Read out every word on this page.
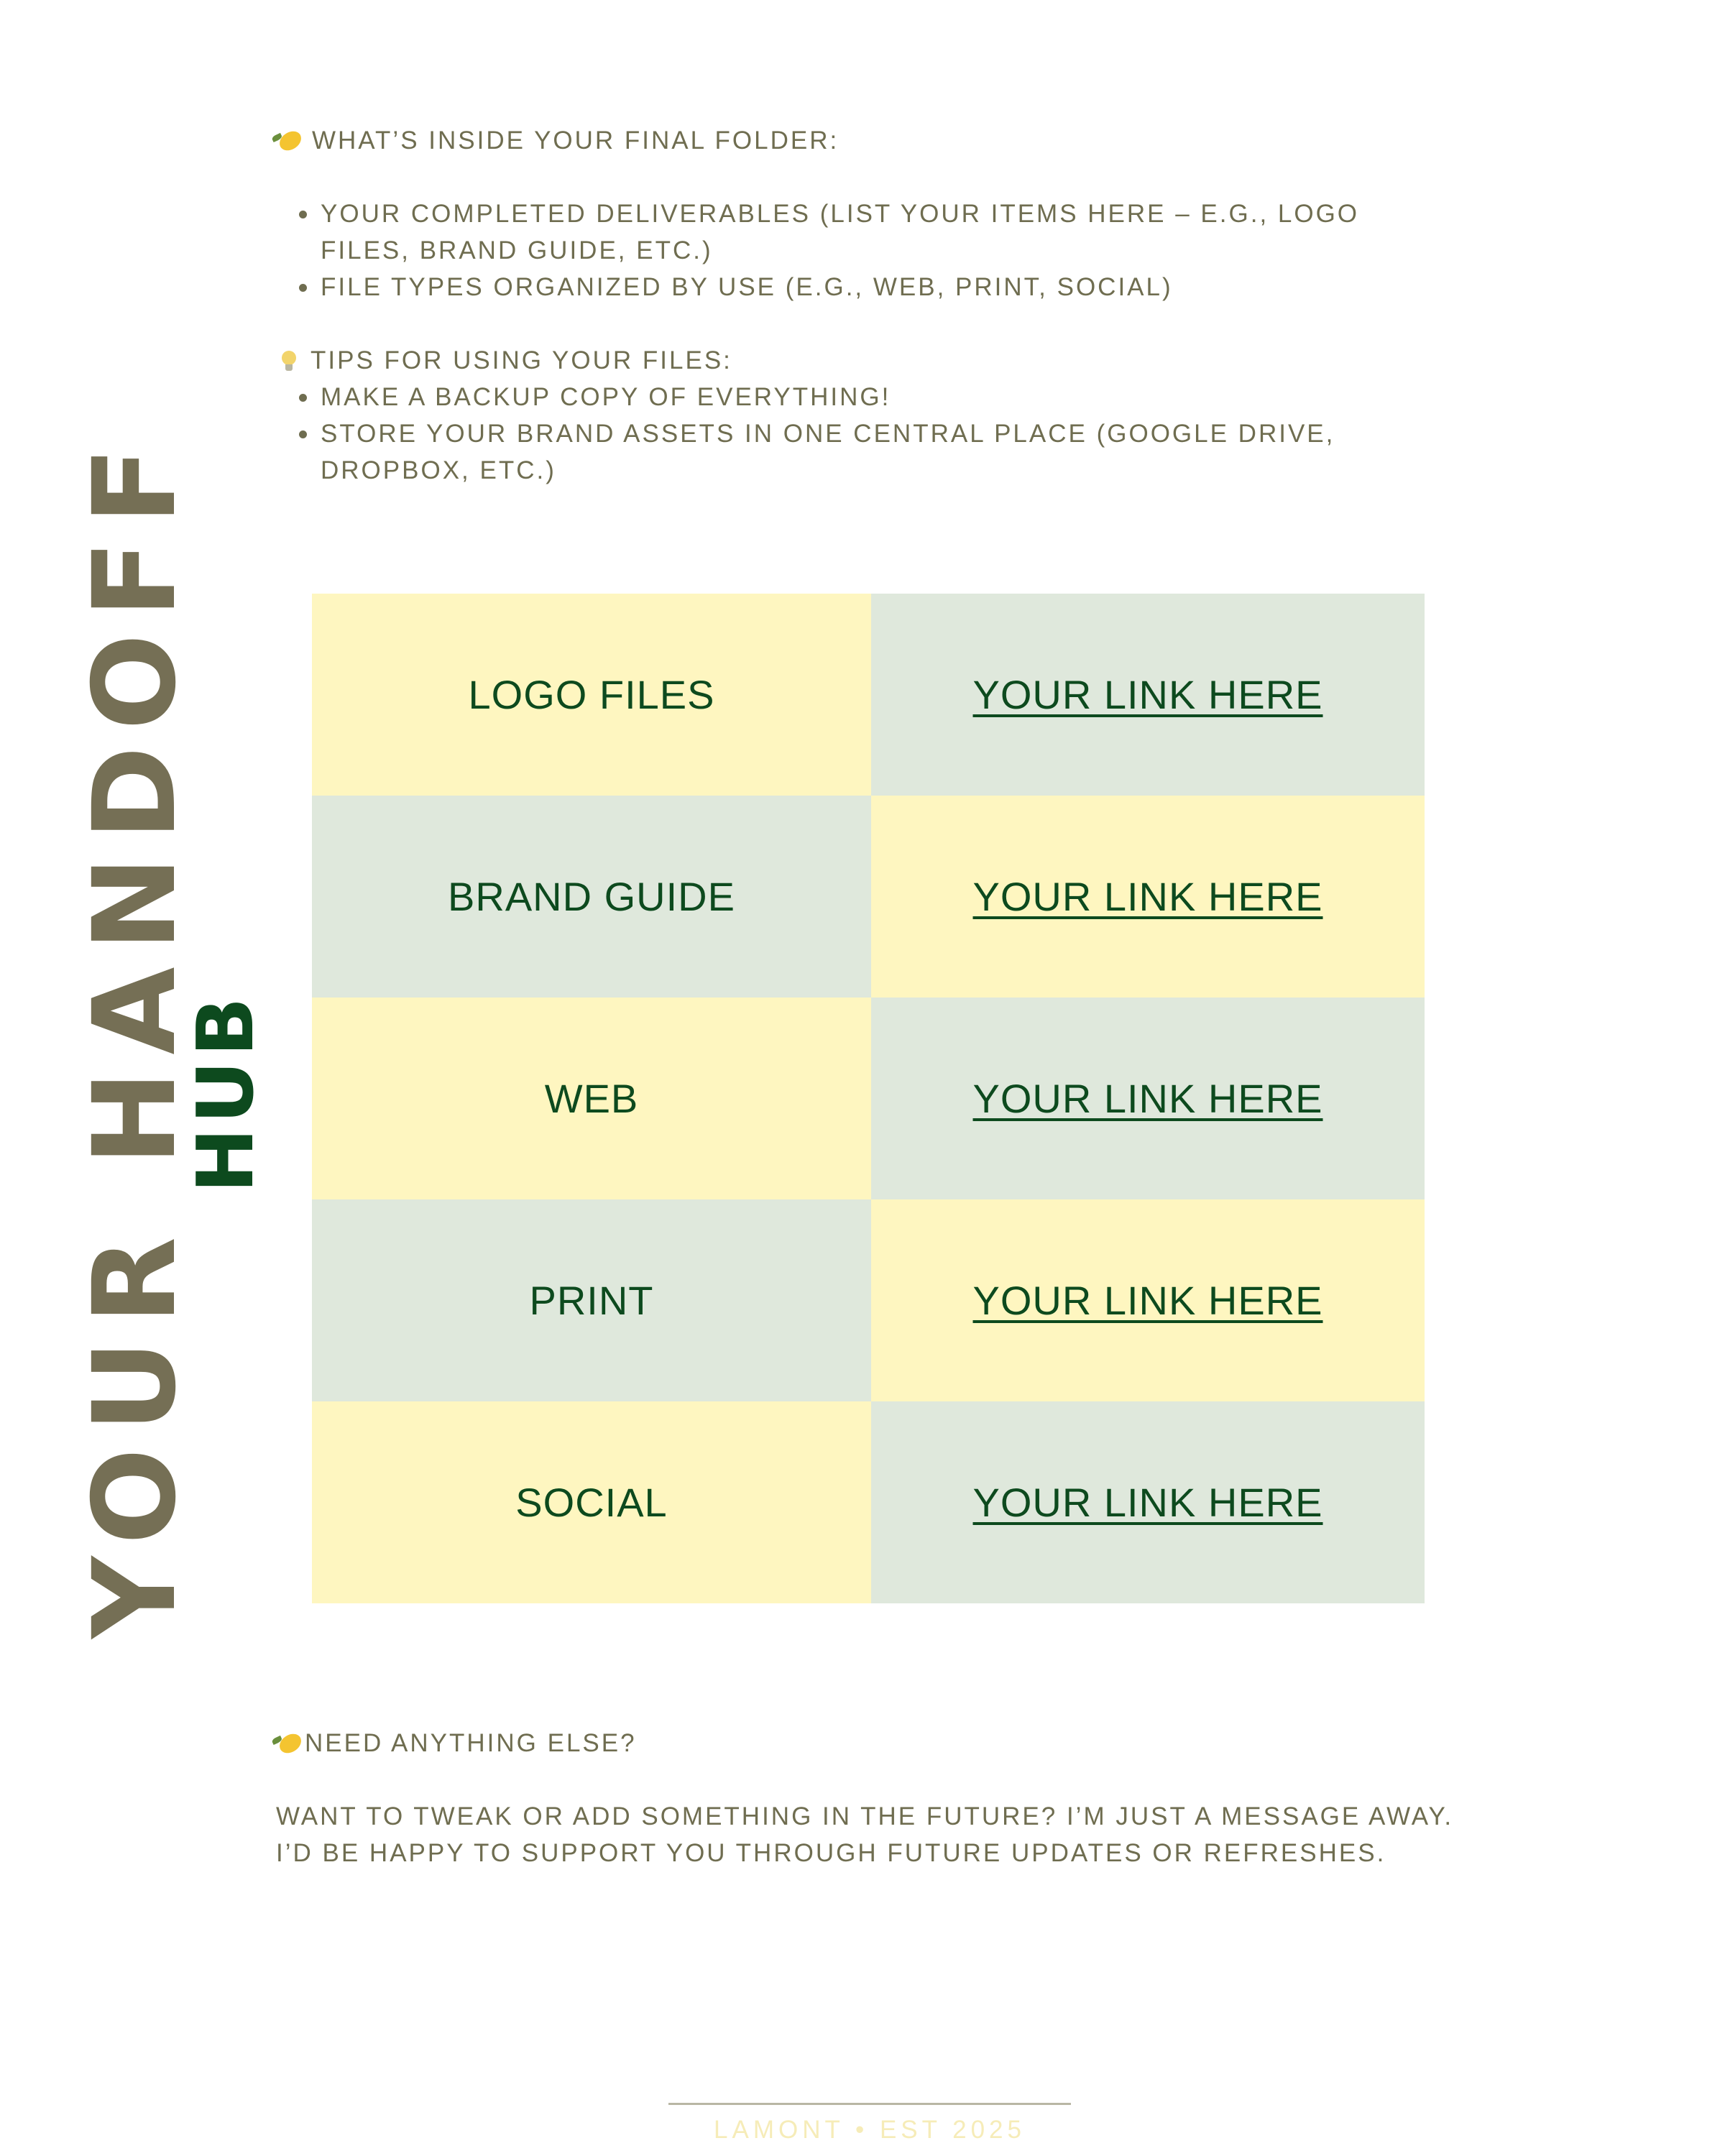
WHAT’S INSIDE YOUR FINAL FOLDER:
YOUR COMPLETED DELIVERABLES (LIST YOUR ITEMS HERE – E.G., LOGO FILES, BRAND GUIDE, ETC.)
FILE TYPES ORGANIZED BY USE (E.G., WEB, PRINT, SOCIAL)
TIPS FOR USING YOUR FILES:
MAKE A BACKUP COPY OF EVERYTHING!
STORE YOUR BRAND ASSETS IN ONE CENTRAL PLACE (GOOGLE DRIVE, DROPBOX, ETC.)
YOUR HANDOFF
HUB
LOGO FILES	YOUR LINK HERE
BRAND GUIDE	YOUR LINK HERE
WEB	YOUR LINK HERE
PRINT	YOUR LINK HERE
SOCIAL	YOUR LINK HERE
NEED ANYTHING ELSE?
WANT TO TWEAK OR ADD SOMETHING IN THE FUTURE? I’M JUST A MESSAGE AWAY.
I’D BE HAPPY TO SUPPORT YOU THROUGH FUTURE UPDATES OR REFRESHES.
LAMONT • EST 2025
